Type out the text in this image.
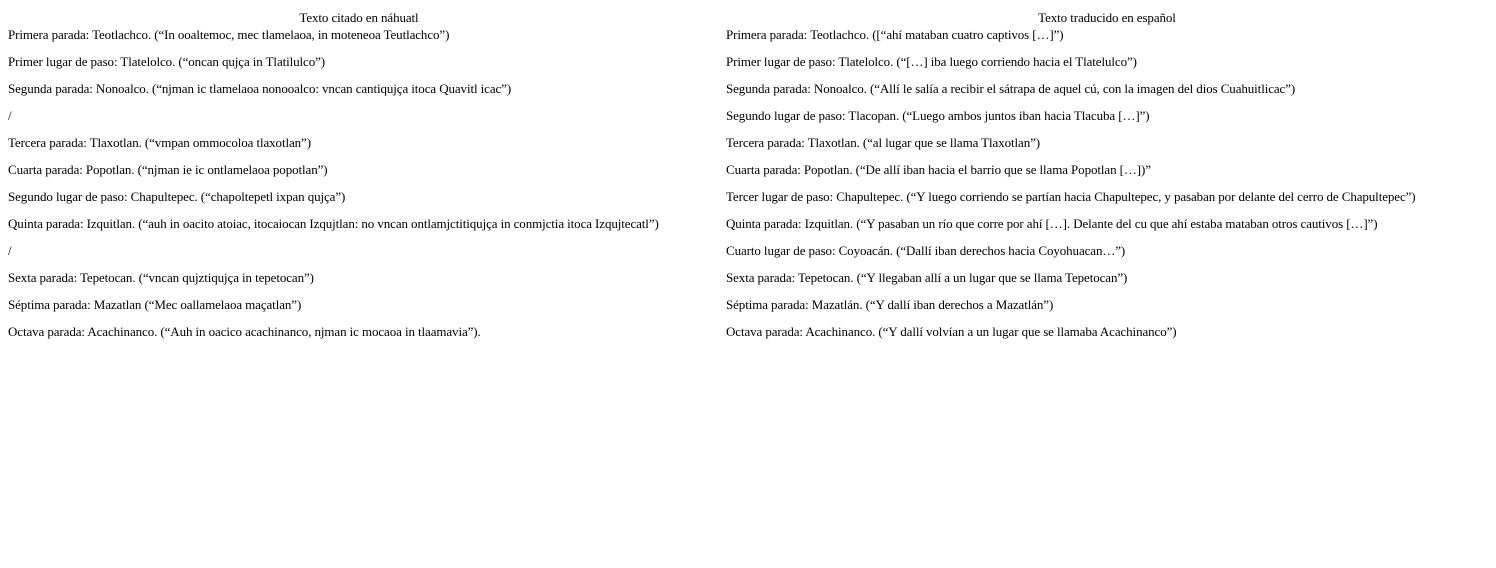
Texto citado en náhuatl	Texto traducido en español
Primera parada: Teotlachco. (“In ooaltemoc, mec tlamelaoa, in moteneoa Teutlachco”)	Primera parada: Teotlachco. ([“ahí mataban cuatro captivos […]”)
Primer lugar de paso: Tlatelolco. (“oncan qujça in Tlatilulco”)	Primer lugar de paso: Tlatelolco. (“[…] iba luego corriendo hacia el Tlatelulco”)
Segunda parada: Nonoalco. (“njman ic tlamelaoa nonooalco: vncan cantiqujça itoca Quavitl icac”)	Segunda parada: Nonoalco. (“Allí le salía a recibir el sátrapa de aquel cú, con la imagen del dios Cuahuitlicac”)
/	Segundo lugar de paso: Tlacopan. (“Luego ambos juntos iban hacia Tlacuba […]”)
Tercera parada: Tlaxotlan. (“vmpan ommocoloa tlaxotlan”)	Tercera parada: Tlaxotlan. (“al lugar que se llama Tlaxotlan”)
Cuarta parada: Popotlan. (“njman ie ic ontlamelaoa popotlan”)	Cuarta parada: Popotlan. (“De allí iban hacia el barrio que se llama Popotlan […])”
Segundo lugar de paso: Chapultepec. (“chapoltepetl ixpan qujça”)	Tercer lugar de paso: Chapultepec. (“Y luego corriendo se partían hacia Chapultepec, y pasaban por delante del cerro de Chapultepec”)
Quinta parada: Izquitlan. (“auh in oacito atoiac, itocaiocan Izqujtlan: no vncan ontlamjctitiqujça in conmjctia itoca Izqujtecatl”)	Quinta parada: Izquitlan. (“Y pasaban un río que corre por ahí […]. Delante del cu que ahí estaba mataban otros cautivos […]”)
/	Cuarto lugar de paso: Coyoacán. (“Dallí iban derechos hacia Coyohuacan…”)
Sexta parada: Tepetocan. (“vncan qujztiqujça in tepetocan”)	Sexta parada: Tepetocan. (“Y llegaban allí a un lugar que se llama Tepetocan”)
Séptima parada: Mazatlan (“Mec oallamelaoa maçatlan”)	Séptima parada: Mazatlán. (“Y dallí iban derechos a Mazatlán”)
Octava parada: Acachinanco. (“Auh in oacico acachinanco, njman ic mocaoa in tlaamavia”).	Octava parada: Acachinanco. (“Y dallí volvían a un lugar que se llamaba Acachinanco”)
